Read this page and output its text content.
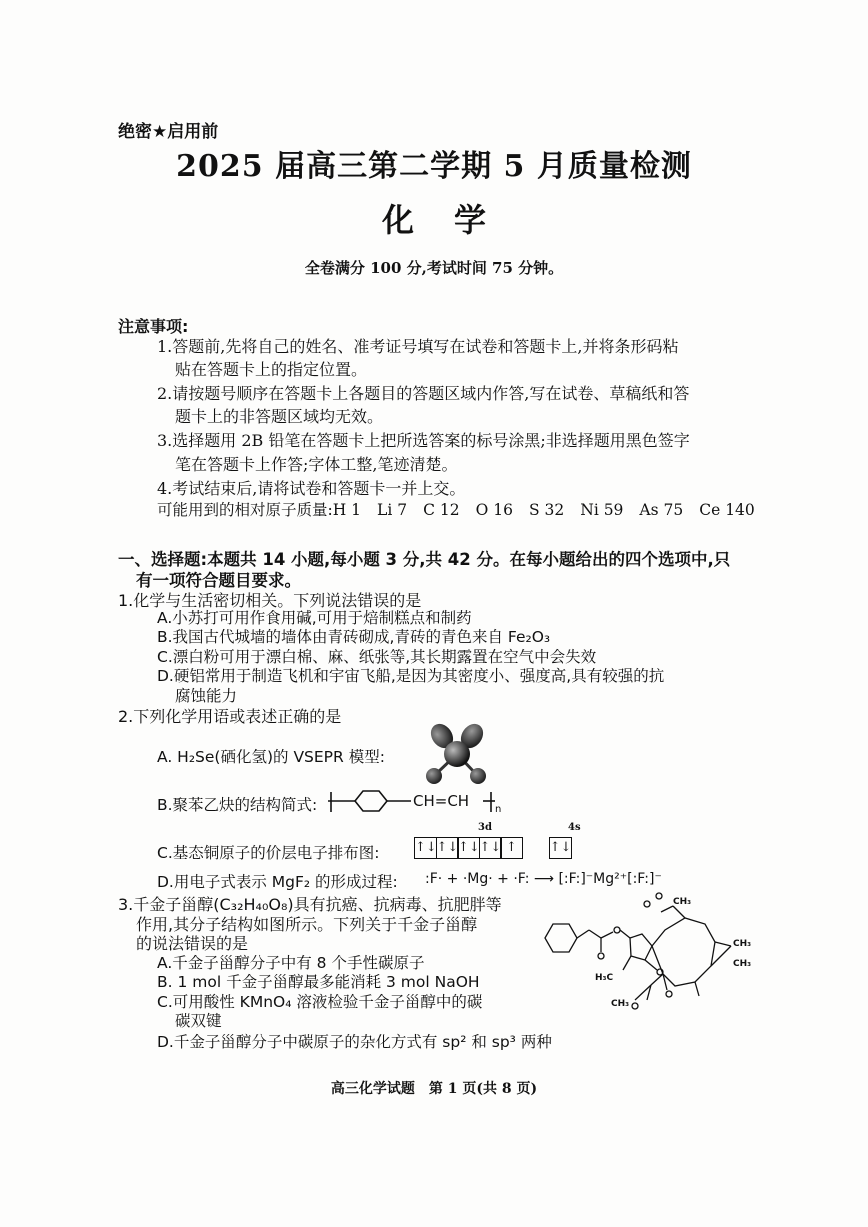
绝密★启用前
2025 届高三第二学期 5 月质量检测
化学
全卷满分 100 分,考试时间 75 分钟。
注意事项:
1.答题前,先将自己的姓名、准考证号填写在试卷和答题卡上,并将条形码粘
贴在答题卡上的指定位置。
2.请按题号顺序在答题卡上各题目的答题区域内作答,写在试卷、草稿纸和答
题卡上的非答题区域均无效。
3.选择题用 2B 铅笔在答题卡上把所选答案的标号涂黑;非选择题用黑色签字
笔在答题卡上作答;字体工整,笔迹清楚。
4.考试结束后,请将试卷和答题卡一并上交。
可能用到的相对原子质量:H 1 Li 7 C 12 O 16 S 32 Ni 59 As 75 Ce 140
一、选择题:本题共 14 小题,每小题 3 分,共 42 分。在每小题给出的四个选项中,只
有一项符合题目要求。
1.化学与生活密切相关。下列说法错误的是
A.小苏打可用作食用碱,可用于焙制糕点和制药
B.我国古代城墙的墙体由青砖砌成,青砖的青色来自 Fe₂O₃
C.漂白粉可用于漂白棉、麻、纸张等,其长期露置在空气中会失效
D.硬铝常用于制造飞机和宇宙飞船,是因为其密度小、强度高,具有较强的抗
腐蚀能力
2.下列化学用语或表述正确的是
A. H₂Se(硒化氢)的 VSEPR 模型:
B.聚苯乙炔的结构简式:	CH=CH	n
3d	4s
C.基态铜原子的价层电子排布图:	↑↓↑↓↑↓↑↓ ↑	↑↓
D.用电子式表示 MgF₂ 的形成过程: :F· + ·Mg· + ·F: ⟶ [:F:]⁻Mg²⁺[:F:]⁻
3.千金子甾醇(C₃₂H₄₀O₈)具有抗癌、抗病毒、抗肥胖等
作用,其分子结构如图所示。下列关于千金子甾醇
的说法错误的是
A.千金子甾醇分子中有 8 个手性碳原子
B. 1 mol 千金子甾醇最多能消耗 3 mol NaOH
C.可用酸性 KMnO₄ 溶液检验千金子甾醇中的碳
碳双键
D.千金子甾醇分子中碳原子的杂化方式有 sp² 和 sp³ 两种
CH₃
CH₃
CH₃
H₃C
CH₃
高三化学试题　第 1 页(共 8 页)
